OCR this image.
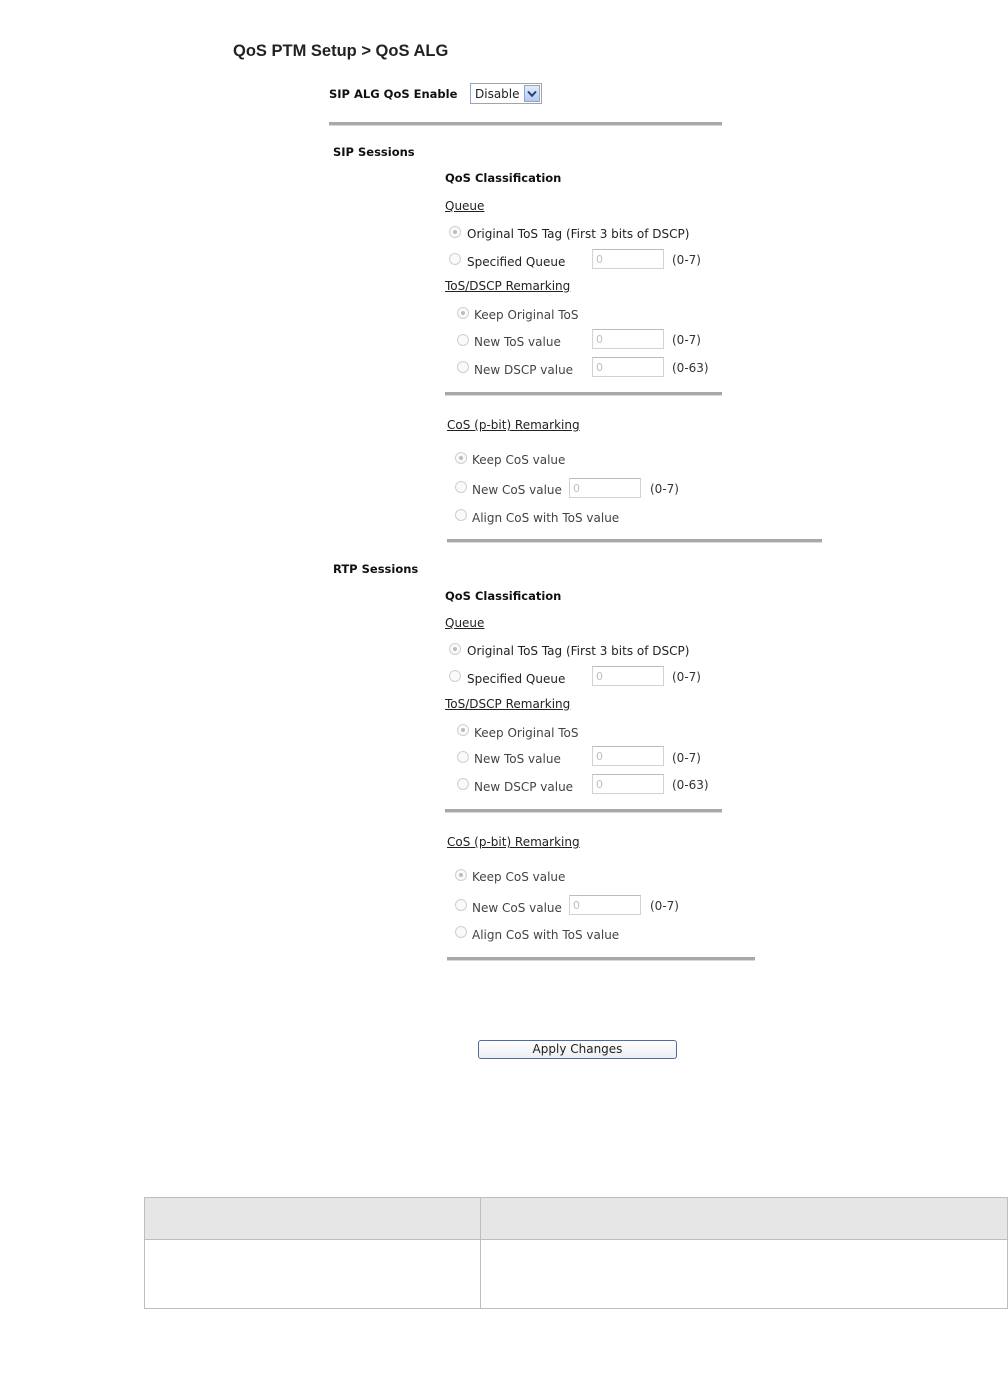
QoS PTM Setup > QoS ALG
SIP ALG QoS Enable Disable
SIP Sessions
QoS Classification
Queue
Original ToS Tag (First 3 bits of DSCP)
Specified Queue
0	(0-7)
ToS/DSCP Remarking
Keep Original ToS
New ToS value
0	(0-7)
New DSCP value
0	(0-63)
CoS (p-bit) Remarking
Keep CoS value
New CoS value
0	(0-7)
Align CoS with ToS value
RTP Sessions
QoS Classification
Queue
Original ToS Tag (First 3 bits of DSCP)
Specified Queue
0	(0-7)
ToS/DSCP Remarking
Keep Original ToS
New ToS value
0	(0-7)
New DSCP value
0	(0-63)
CoS (p-bit) Remarking
Keep CoS value
New CoS value
0	(0-7)
Align CoS with ToS value
Apply Changes
